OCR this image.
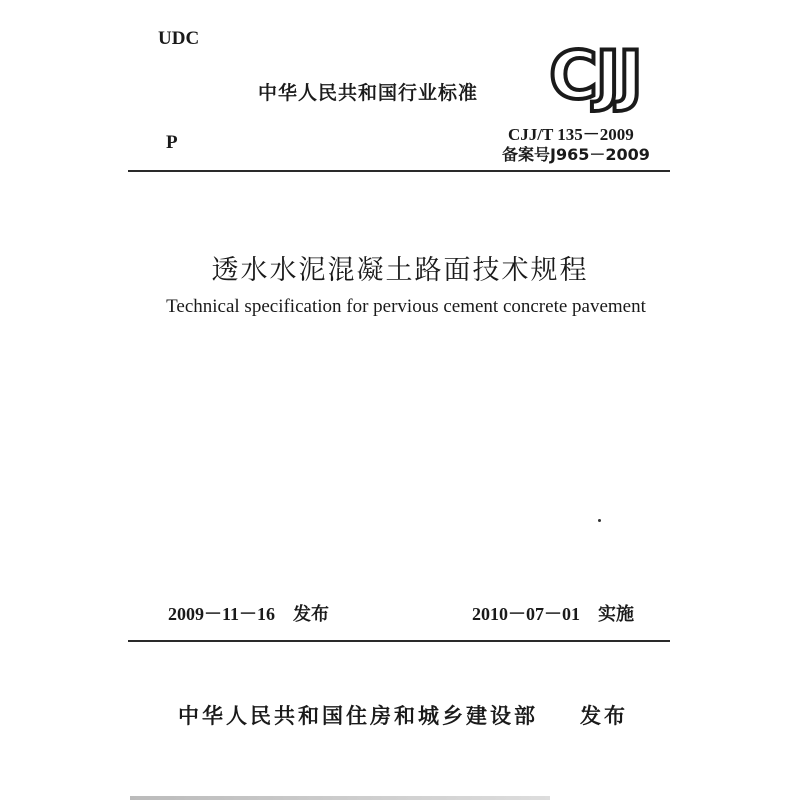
UDC
中华人民共和国行业标准 CJJ
P	CJJ/T 135－2009
备案号J965－2009
透水水泥混凝土路面技术规程
Technical specification for pervious cement concrete pavement
2009－11－16 发布	2010－07－01 实施
中华人民共和国住房和城乡建设部 发布
